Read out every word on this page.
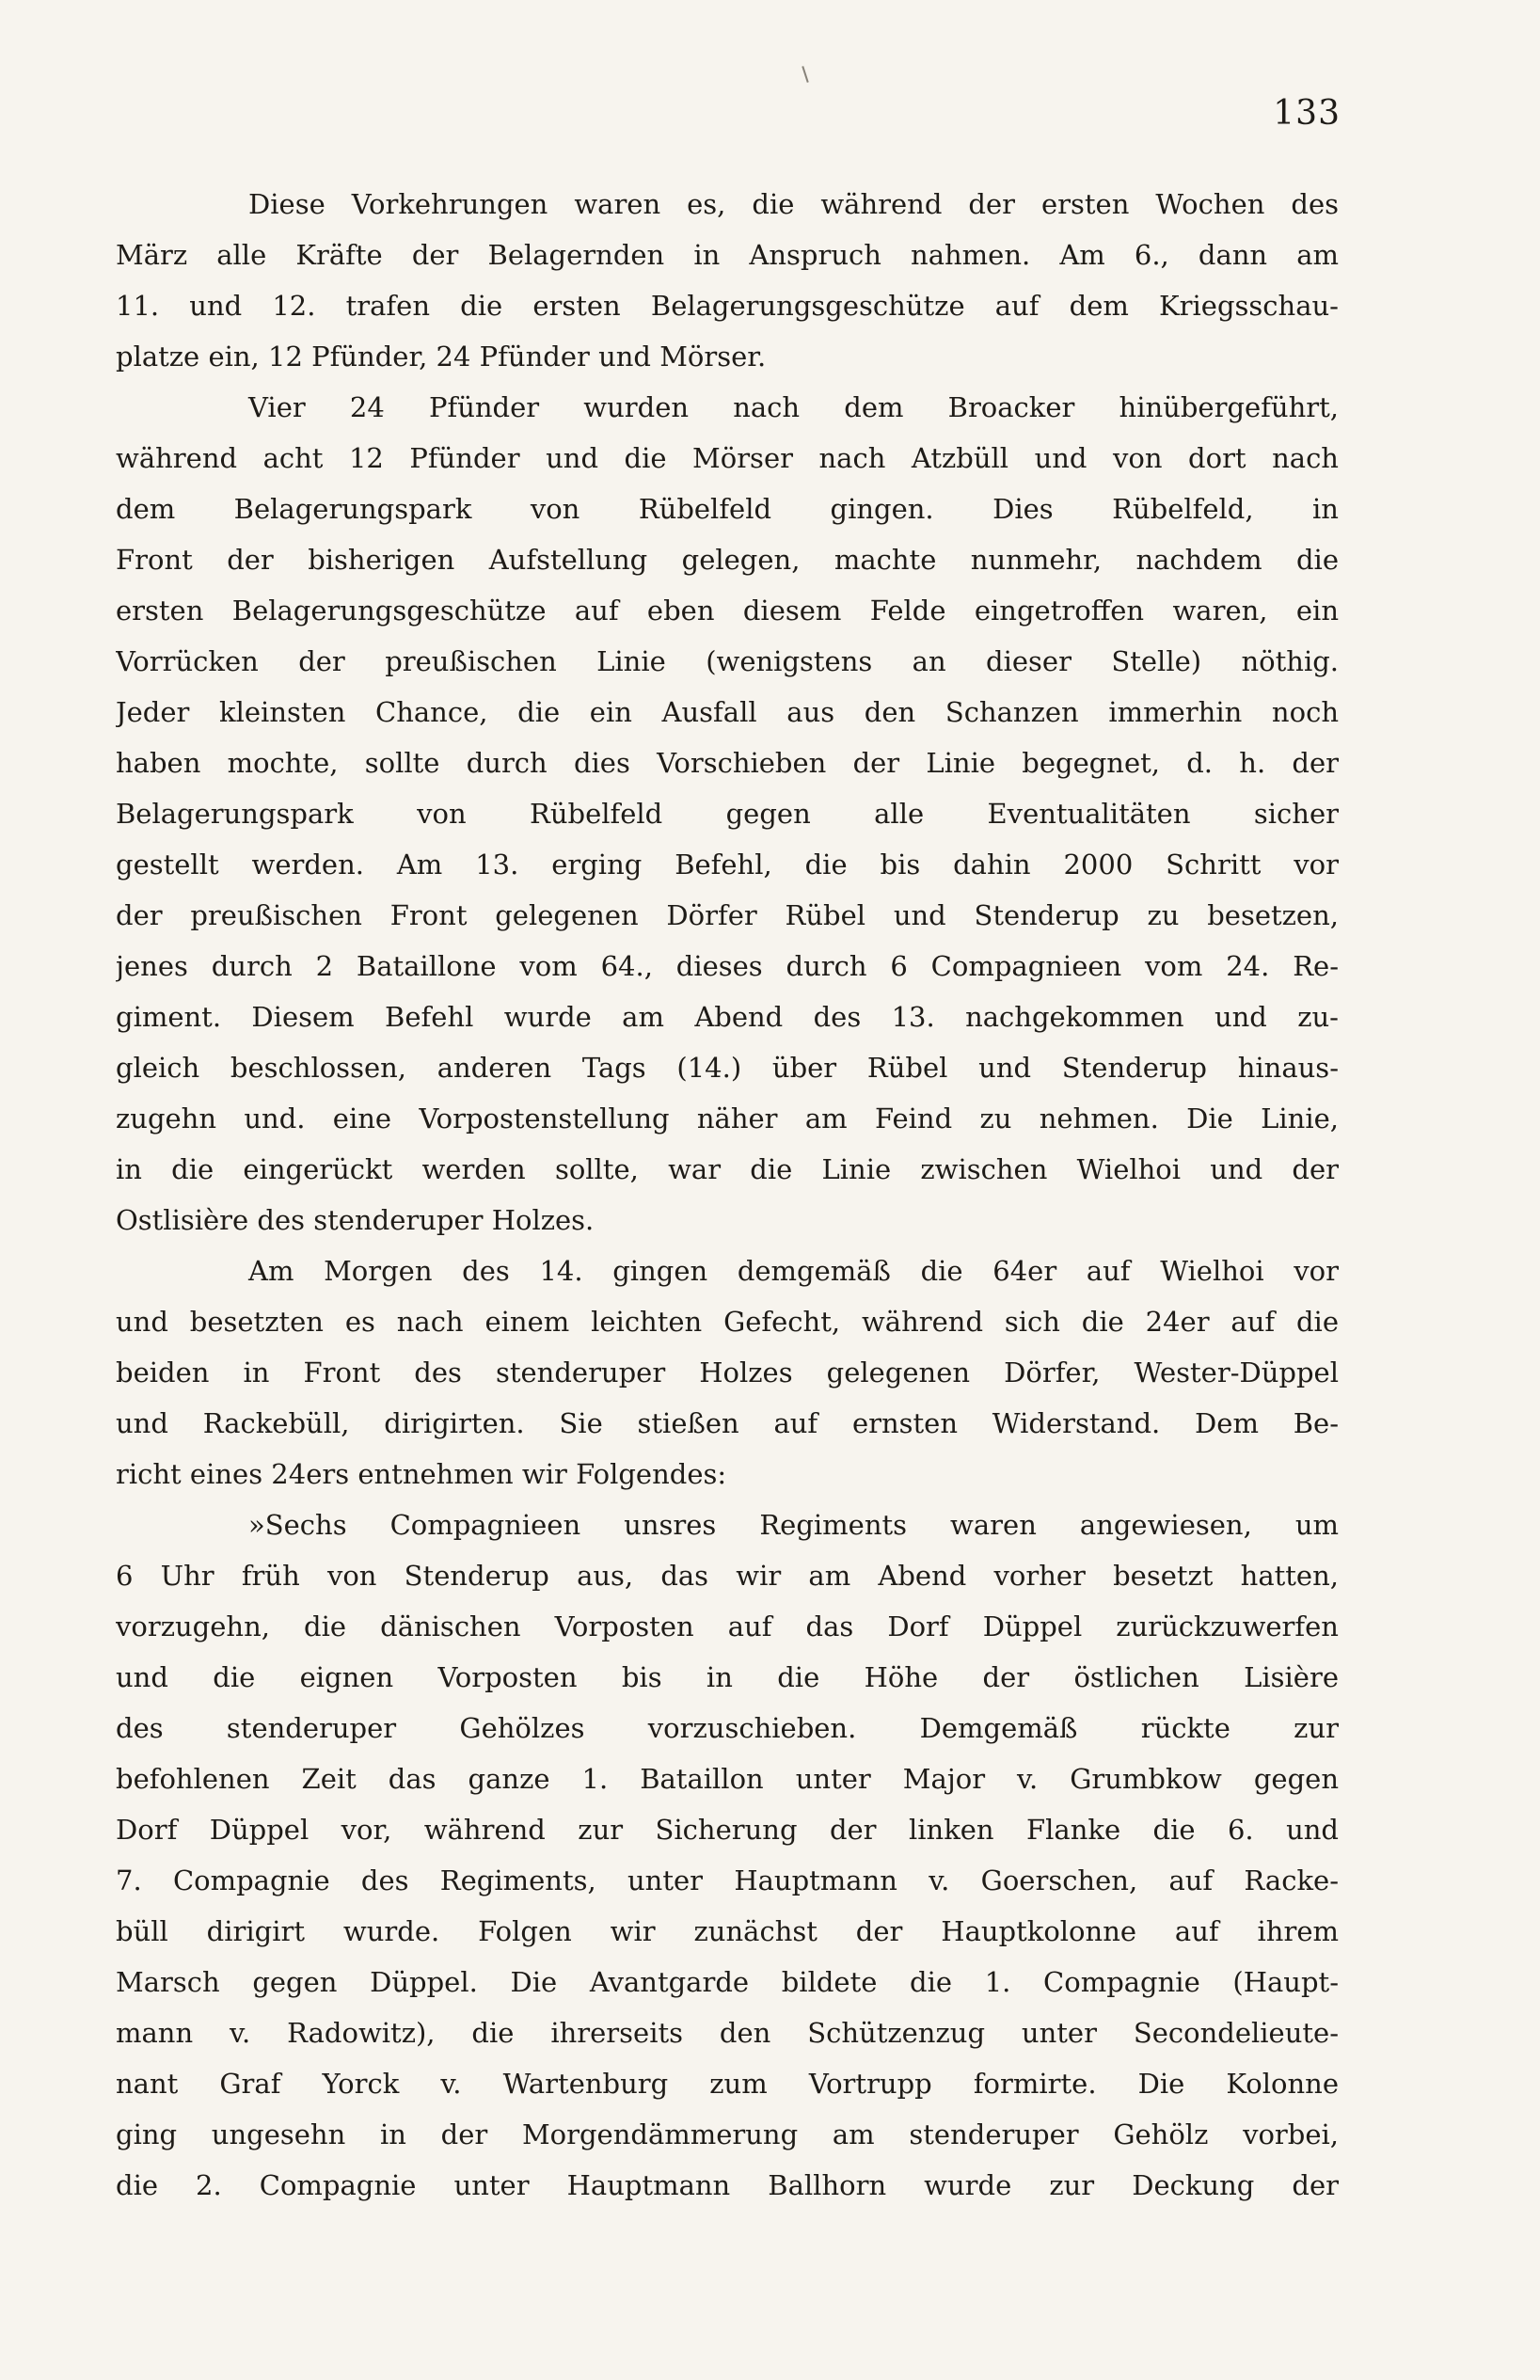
133
Diese Vorkehrungen waren es, die während der ersten Wochen des
März alle Kräfte der Belagernden in Anspruch nahmen. Am 6., dann am
11. und 12. trafen die ersten Belagerungsgeschütze auf dem Kriegsschau-
platze ein, 12 Pfünder, 24 Pfünder und Mörser.
Vier 24 Pfünder wurden nach dem Broacker hinübergeführt,
während acht 12 Pfünder und die Mörser nach Atzbüll und von dort nach
dem Belagerungspark von Rübelfeld gingen. Dies Rübelfeld, in
Front der bisherigen Aufstellung gelegen, machte nunmehr, nachdem die
ersten Belagerungsgeschütze auf eben diesem Felde eingetroffen waren, ein
Vorrücken der preußischen Linie (wenigstens an dieser Stelle) nöthig.
Jeder kleinsten Chance, die ein Ausfall aus den Schanzen immerhin noch
haben mochte, sollte durch dies Vorschieben der Linie begegnet, d. h. der
Belagerungspark von Rübelfeld gegen alle Eventualitäten sicher
gestellt werden. Am 13. erging Befehl, die bis dahin 2000 Schritt vor
der preußischen Front gelegenen Dörfer Rübel und Stenderup zu besetzen,
jenes durch 2 Bataillone vom 64., dieses durch 6 Compagnieen vom 24. Re-
giment. Diesem Befehl wurde am Abend des 13. nachgekommen und zu-
gleich beschlossen, anderen Tags (14.) über Rübel und Stenderup hinaus-
zugehn und. eine Vorpostenstellung näher am Feind zu nehmen. Die Linie,
in die eingerückt werden sollte, war die Linie zwischen Wielhoi und der
Ostlisière des stenderuper Holzes.
Am Morgen des 14. gingen demgemäß die 64er auf Wielhoi vor
und besetzten es nach einem leichten Gefecht, während sich die 24er auf die
beiden in Front des stenderuper Holzes gelegenen Dörfer, Wester-Düppel
und Rackebüll, dirigirten. Sie stießen auf ernsten Widerstand. Dem Be-
richt eines 24ers entnehmen wir Folgendes:
»Sechs Compagnieen unsres Regiments waren angewiesen, um
6 Uhr früh von Stenderup aus, das wir am Abend vorher besetzt hatten,
vorzugehn, die dänischen Vorposten auf das Dorf Düppel zurückzuwerfen
und die eignen Vorposten bis in die Höhe der östlichen Lisière
des stenderuper Gehölzes vorzuschieben. Demgemäß rückte zur
befohlenen Zeit das ganze 1. Bataillon unter Major v. Grumbkow gegen
Dorf Düppel vor, während zur Sicherung der linken Flanke die 6. und
7. Compagnie des Regiments, unter Hauptmann v. Goerschen, auf Racke-
büll dirigirt wurde. Folgen wir zunächst der Hauptkolonne auf ihrem
Marsch gegen Düppel. Die Avantgarde bildete die 1. Compagnie (Haupt-
mann v. Radowitz), die ihrerseits den Schützenzug unter Secondelieute-
nant Graf Yorck v. Wartenburg zum Vortrupp formirte. Die Kolonne
ging ungesehn in der Morgendämmerung am stenderuper Gehölz vorbei,
die 2. Compagnie unter Hauptmann Ballhorn wurde zur Deckung der
